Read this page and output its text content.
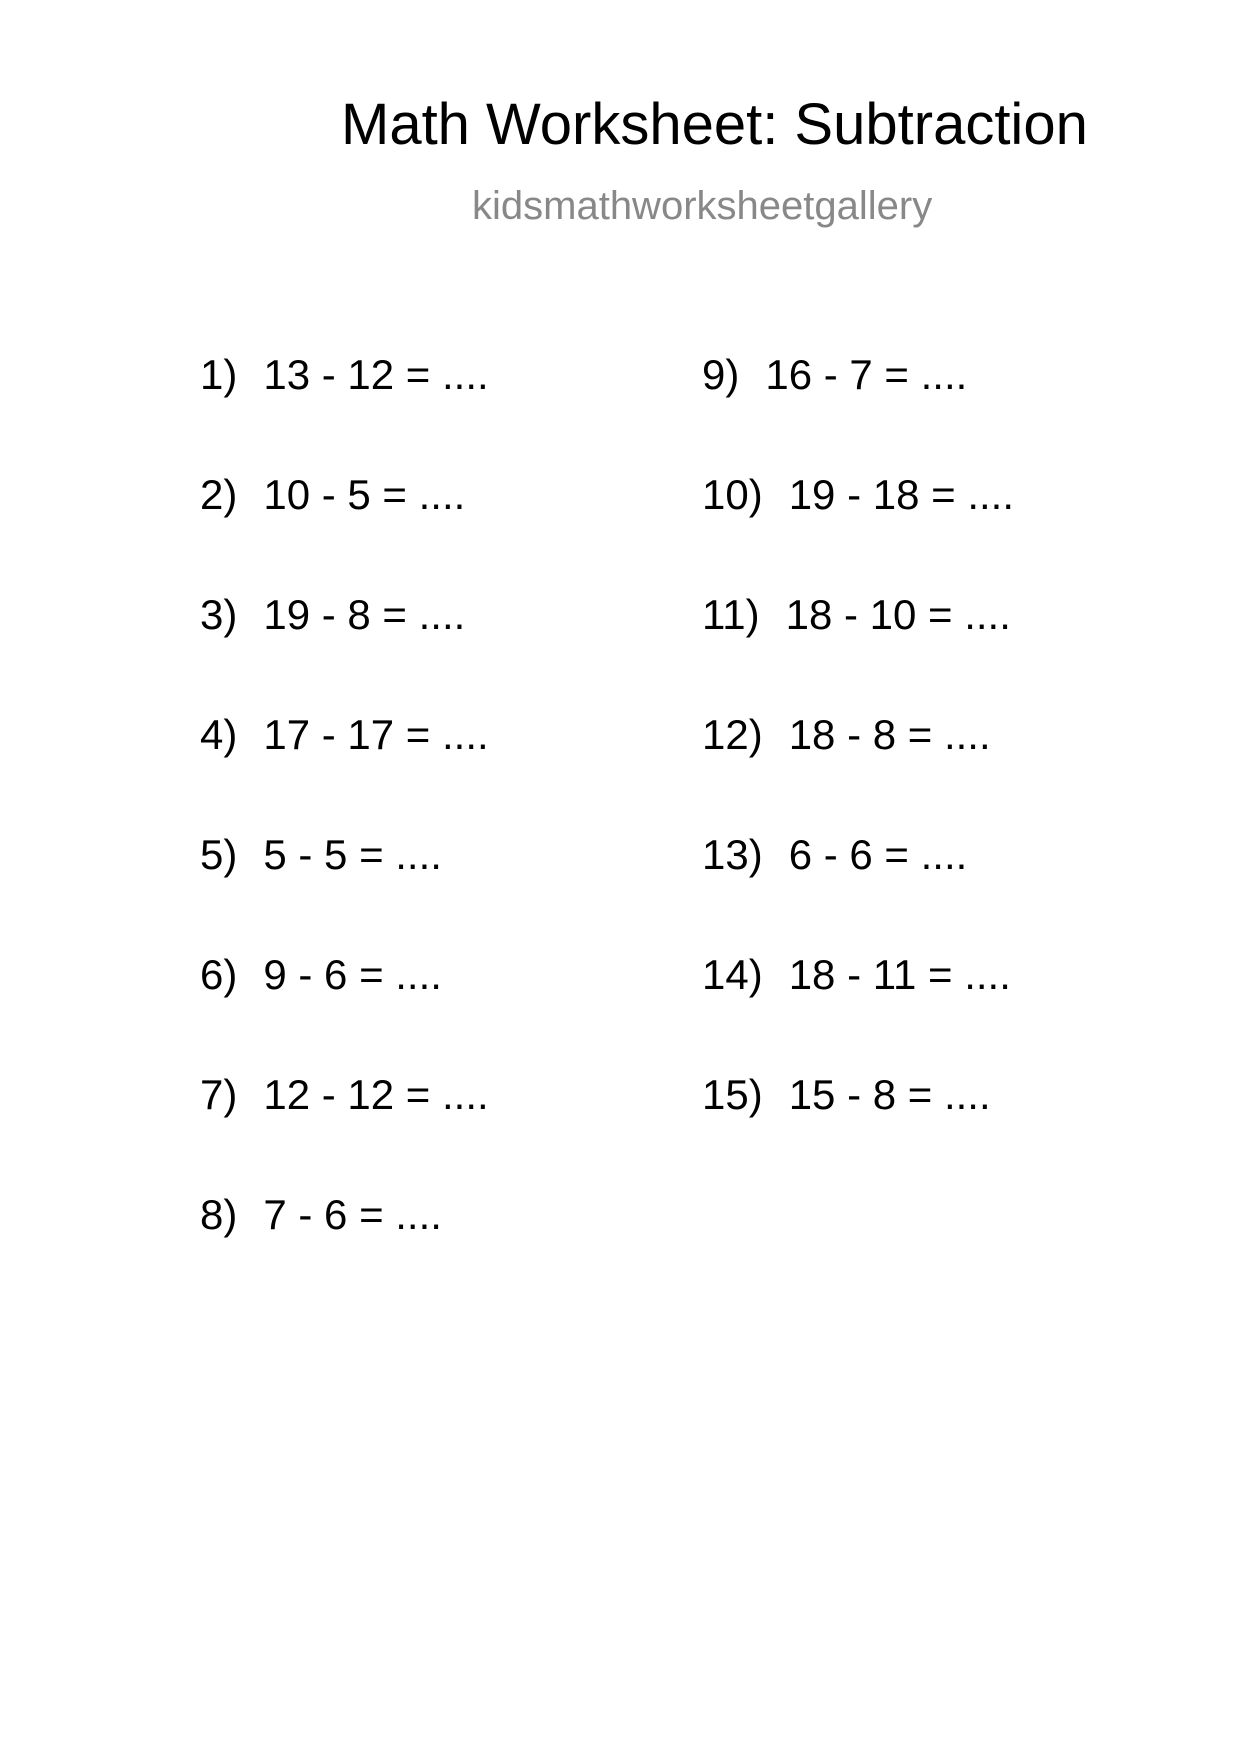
Math Worksheet: Subtraction
kidsmathworksheetgallery
1) 13 - 12 = ....
2) 10 - 5 = ....
3) 19 - 8 = ....
4) 17 - 17 = ....
5) 5 - 5 = ....
6) 9 - 6 = ....
7) 12 - 12 = ....
8) 7 - 6 = ....
9) 16 - 7 = ....
10) 19 - 18 = ....
11) 18 - 10 = ....
12) 18 - 8 = ....
13) 6 - 6 = ....
14) 18 - 11 = ....
15) 15 - 8 = ....
